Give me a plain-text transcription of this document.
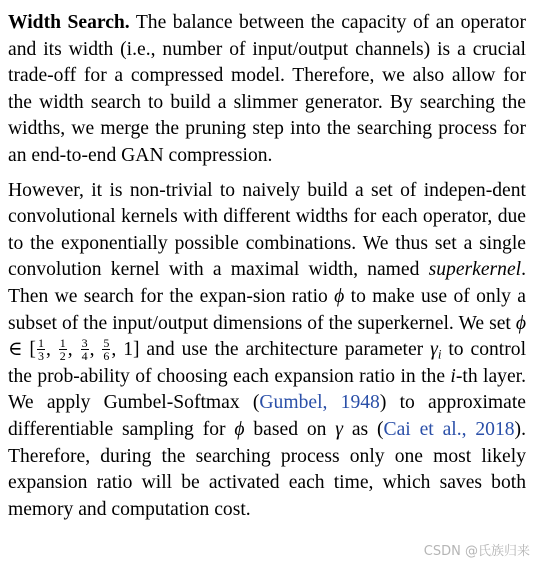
Width Search. The balance between the capacity of an operator and its width (i.e., number of input/output channels) is a crucial trade-off for a compressed model. Therefore, we also allow for the width search to build a slimmer generator. By searching the widths, we merge the pruning step into the searching process for an end-to-end GAN compression.

However, it is non-trivial to naively build a set of indepen-dent convolutional kernels with different widths for each operator, due to the exponentially possible combinations. We thus set a single convolution kernel with a maximal width, named superkernel. Then we search for the expan-sion ratio ϕ to make use of only a subset of the input/output dimensions of the superkernel. We set ϕ ∈ [ $\frac{1}{3}$ , $\frac{1}{2}$ , $\frac{3}{4}$ , $\frac{5}{6}$ , 1] and use the architecture parameter $\gamma_i$ to control the prob-ability of choosing each expansion ratio in the i-th layer. We apply Gumbel-Softmax (Gumbel, 1948) to approximate differentiable sampling for ϕ based on γ as (Cai et al., 2018). Therefore, during the searching process only one most likely expansion ratio will be activated each time, which saves both memory and computation cost.

CSDN @氏族归来
